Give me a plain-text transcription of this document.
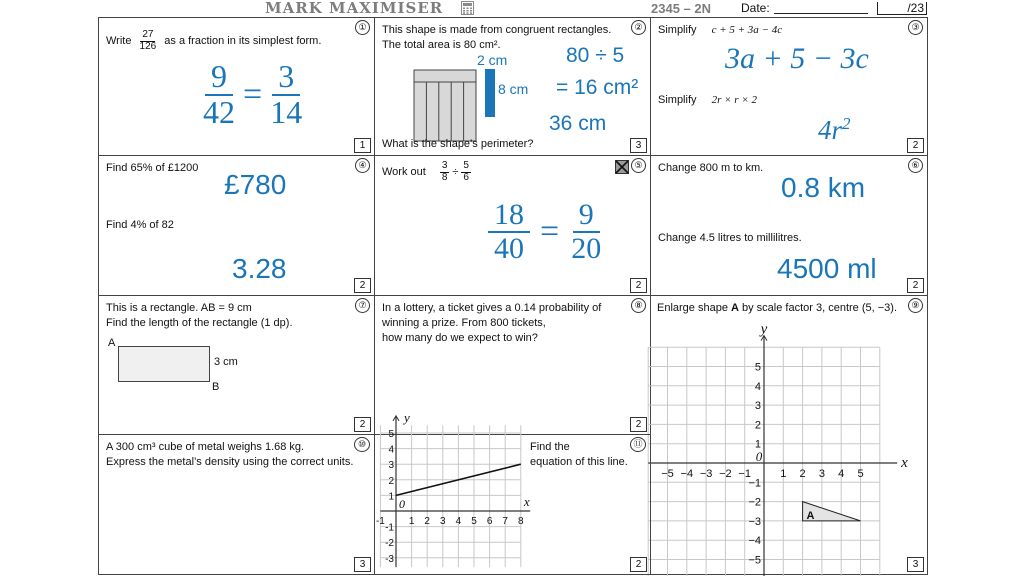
MARK MAXIMISER	2345 – 2N	Date:	/23
①
Write $\frac{27}{126}$ as a fraction in its simplest form.
$\frac{9}{42} = \frac{3}{14}$
1
②
This shape is made from congruent rectangles.
The total area is 80 cm².
2 cm
8 cm
80 ÷ 5
= 16 cm²
36 cm
What is the shape’s perimeter?	3
③
Simplify c + 5 + 3a − 4c
3a + 5 − 3c
Simplify 2r × r × 2
$4r^2$
2
④
Find 65% of £1200
£780
Find 4% of 82
3.28
2
⑤
Work out $\frac{3}{8} \div \frac{5}{6}$
$\frac{18}{40} = \frac{9}{20}$
2
⑥
Change 800 m to km.
0.8 km
Change 4.5 litres to millilitres.
4500 ml
2
⑦
This is a rectangle. AB = 9 cm
Find the length of the rectangle (1 dp).
A
3 cm
B
2
⑧
In a lottery, a ticket gives a 0.14 probability of
winning a prize. From 800 tickets,
how many do we expect to win?
2
⑨
Enlarge shape A by scale factor 3, centre (5, −3).
−5 −4 −3 −2 −1	1 2 3 4 5
5
4
3
2
1
−1
−2
−3
−4
−5
0	x
y
A
3
⑩
A 300 cm³ cube of metal weighs 1.68 kg.
Express the metal’s density using the correct units.
3
⑪
Find the
equation of this line.
-1 1 2 3 4 5 6 7 8
5
4
3
2
1
-1
-2
-3
0	x
y
2
